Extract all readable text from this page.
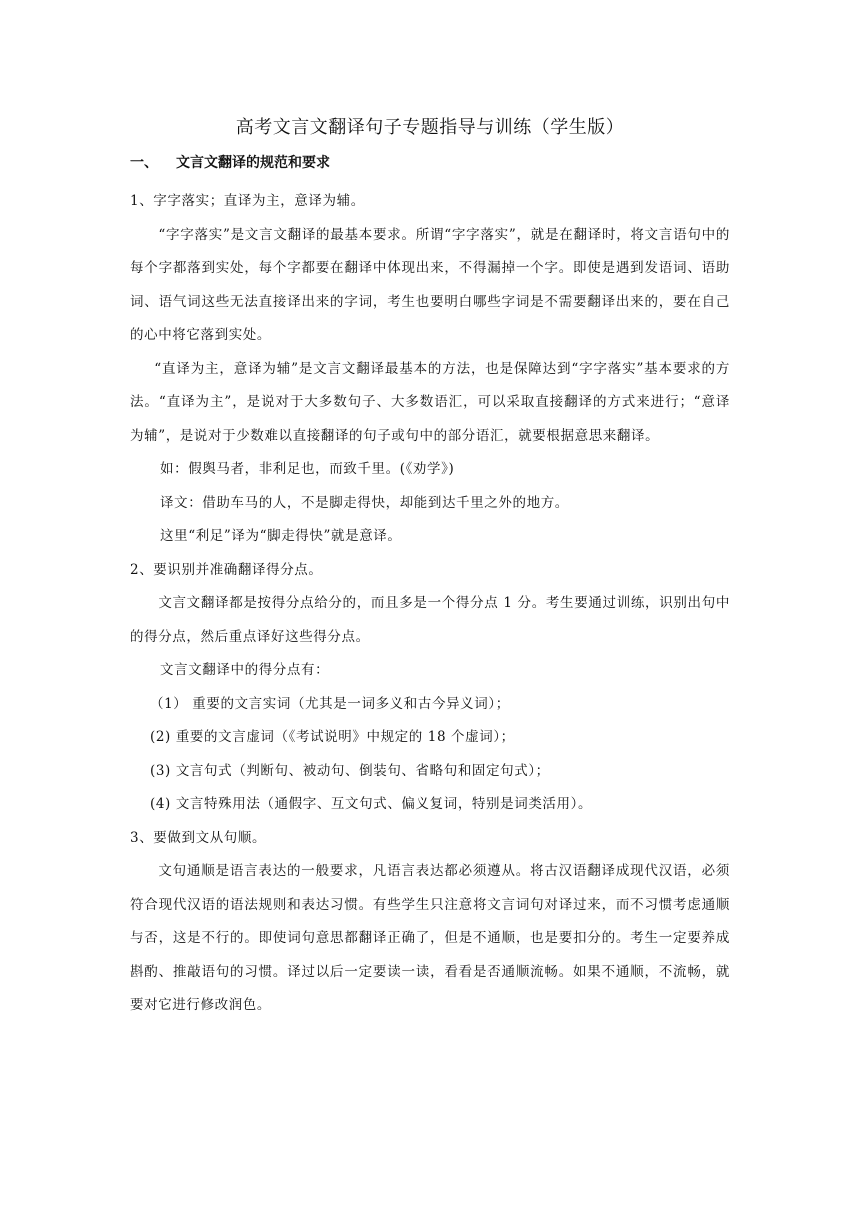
高考文言文翻译句子专题指导与训练（学生版）
一、 文言文翻译的规范和要求

1、字字落实；直译为主，意译为辅。

“字字落实”是文言文翻译的最基本要求。所谓“字字落实”，就是在翻译时，将文言语句中的每个字都落到实处，每个字都要在翻译中体现出来，不得漏掉一个字。即使是遇到发语词、语助词、语气词这些无法直接译出来的字词，考生也要明白哪些字词是不需要翻译出来的，要在自己的心中将它落到实处。

“直译为主，意译为辅”是文言文翻译最基本的方法，也是保障达到“字字落实”基本要求的方法。“直译为主”，是说对于大多数句子、大多数语汇，可以采取直接翻译的方式来进行；“意译为辅”，是说对于少数难以直接翻译的句子或句中的部分语汇，就要根据意思来翻译。

如：假舆马者，非利足也，而致千里。(《劝学》)

译文：借助车马的人，不是脚走得快，却能到达千里之外的地方。

这里“利足”译为“脚走得快”就是意译。

2、要识别并准确翻译得分点。

文言文翻译都是按得分点给分的，而且多是一个得分点 1 分。考生要通过训练，识别出句中的得分点，然后重点译好这些得分点。

文言文翻译中的得分点有：

（1） 重要的文言实词（尤其是一词多义和古今异义词）；

(2) 重要的文言虚词（《考试说明》中规定的 18 个虚词）；

(3) 文言句式（判断句、被动句、倒装句、省略句和固定句式）；

(4) 文言特殊用法（通假字、互文句式、偏义复词，特别是词类活用）。

3、要做到文从句顺。

文句通顺是语言表达的一般要求，凡语言表达都必须遵从。将古汉语翻译成现代汉语，必须符合现代汉语的语法规则和表达习惯。有些学生只注意将文言词句对译过来，而不习惯考虑通顺与否，这是不行的。即使词句意思都翻译正确了，但是不通顺，也是要扣分的。考生一定要养成斟酌、推敲语句的习惯。译过以后一定要读一读，看看是否通顺流畅。如果不通顺，不流畅，就要对它进行修改润色。
